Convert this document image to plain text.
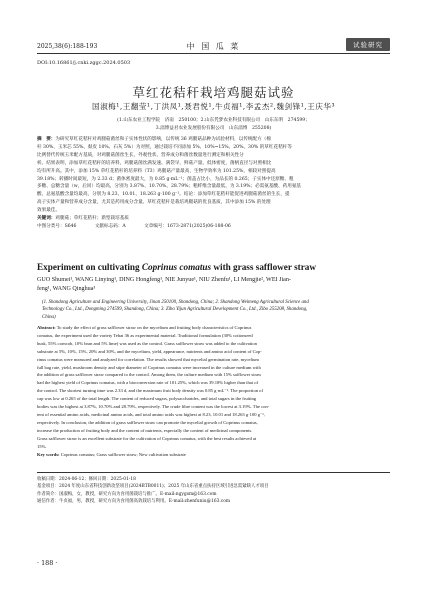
2025,38(6):188-193	中 国 瓜 菜	试验研究
DOI:10.16861/j.cnki.zggc.2024.0503
草红花秸秆栽培鸡腿菇试验
国淑梅¹,王翻莹¹,丁洪凤¹,聂君悦¹,牛贞福¹,李孟杰²,魏剑锋¹,王庆华³
(1.山东农业工程学院　济南　250100；2.山东凭梦农业科技有限公司　山东东明　274599；
3.淄博益君农业发展股份有限公司　山东淄博　255208)
摘　要：为研究草红花秸秆对鸡腿菇菌丝和子实体性状的影响，以传统 36 鸡腿菇品种为试验材料，以传统配方（棉
秆 30%、玉米芯 55%、麸皮 10%、石灰 5%）为对照，通过栽培不同添加 5%、10%~15%、20%、30% 的草红花秸秆等
比例替代传统玉米配方基质，对鸡腿菇菌丝生长、外观性状、营养成分和菌丝数量进行测定和相关性分
析。结果表明，添加草红花秸秆的培养料，鸡腿菇菌丝满发速、满袋早，鲜菇产量、低体密度，菌柄直径与对照相比
均有所升高。其中，添加 15% 草红花秸秆的培养料（T3）鸡腿菇产量最高，生物学效率为 101.25%，相较对照提高
39.18%；转播时间最短，为 2.33 d；菌体密度最大，为 0.85 g·mL⁻¹；菌盖占比小，为品长的 0.265；子实体中还原糖、粗
多糖、总糖含量（w，后同）均最高，分别为 3.87%、10.70%、28.79%；粗纤维含量最低，为 3.19%；必需氨基酸、药用氨基
酸、总氨基酸含量均最高，分别为 8.23、10.01、18.263 g·100 g⁻¹。结论：添加草红花秸秆能促进鸡腿菇菌丝的生长，提
高子实体产量和营养成分含量，尤其是药用成分含量。草红花秸秆是栽培鸡腿菇的优良基质，其中添加 15% 的处理
效果最佳。
关键词：鸡腿菇；草红花秸秆；新型栽培基质
中图分类号：S646　　　　文献标志码：A　　　　文章编号：1673-2871(2025)06-188-06
Experiment on cultivating Coprinus comatus with grass safflower straw
GUO Shumei¹, WANG Linying¹, DING Hongfeng¹, NIE Junyue¹, NIU Zhenfu¹, LI Mengjie², WEI Jian-
feng¹, WANG Qinghua³
(1. Shandong Agriculture and Engineering University, Jinan 250100, Shandong, China; 2. Shandong Weimeng Agricultural Science and
Technology Co., Ltd., Dongming 274599, Shandong, China; 3. Zibo Yijun Agricultural Development Co., Ltd., Zibo 255208, Shandong,
China)
Abstract: To study the effect of grass safflower straw on the mycelium and fruiting body characteristics of Coprinus
comatus, the experiment used the variety Tebai 36 as experimental material. Traditional formulation (30% cottonseed
husk, 55% corncob, 10% bran and 5% lime) was used as the control. Grass safflower straw was added to the cultivation
substrate at 5%, 10%, 15%, 20% and 30%, and the mycelium, yield, appearance, nutrients and amino acid content of Cop-
rinus comatus were measured and analyzed for correlation. The results showed that mycelial germination rate, mycelium
full bag rate, yield, mushroom density and stipe diameter of Coprinus comatus were increased in the culture medium with
the addition of grass safflower straw compared to the control. Among them, the culture medium with 15% safflower straw
had the highest yield of Coprinus comatus, with a bioconversion rate of 101.25%, which was 39.18% higher than that of
the control. The shortest turning time was 2.33 d, and the maximum fruit body density was 0.85 g·mL⁻¹. The proportion of
cap was low at 0.265 of the total length. The content of reduced sugars, polysaccharides, and total sugars in the fruiting
bodies was the highest at 3.87%, 10.70% and 28.79%, respectively. The crude fibre content was the lowest at 3.19%. The con-
tent of essential amino acids, medicinal amino acids, and total amino acids was highest at 8.23, 10.01 and 18.263 g·100 g⁻¹,
respectively. In conclusion, the addition of grass safflower straw can promote the mycelial growth of Coprinus comatus,
increase the production of fruiting body and the content of nutrients, especially the content of medicinal components.
Grass safflower straw is an excellent substrate for the cultivation of Coprinus comatus, with the best results achieved at
15%.
Key words: Coprinus comatus; Grass safflower straw; New cultivation substrate
收稿日期：2024-06-12；修回日期：2025-01-18
基金项目：2024 年度山东省科技创新攻坚项目(2024BTB0011)；2025 年山东省重点扶持区域引进急需紧缺人才项目
作者简介：国淑梅，女，教授，研究方向为食用菌栽培与推广。E-mail:ngygsm@163.com
通信作者：牛贞福，男，教授，研究方向为食用菌高效栽培与利用。E-mail:zhenfuniu@163.com
· 188 ·
